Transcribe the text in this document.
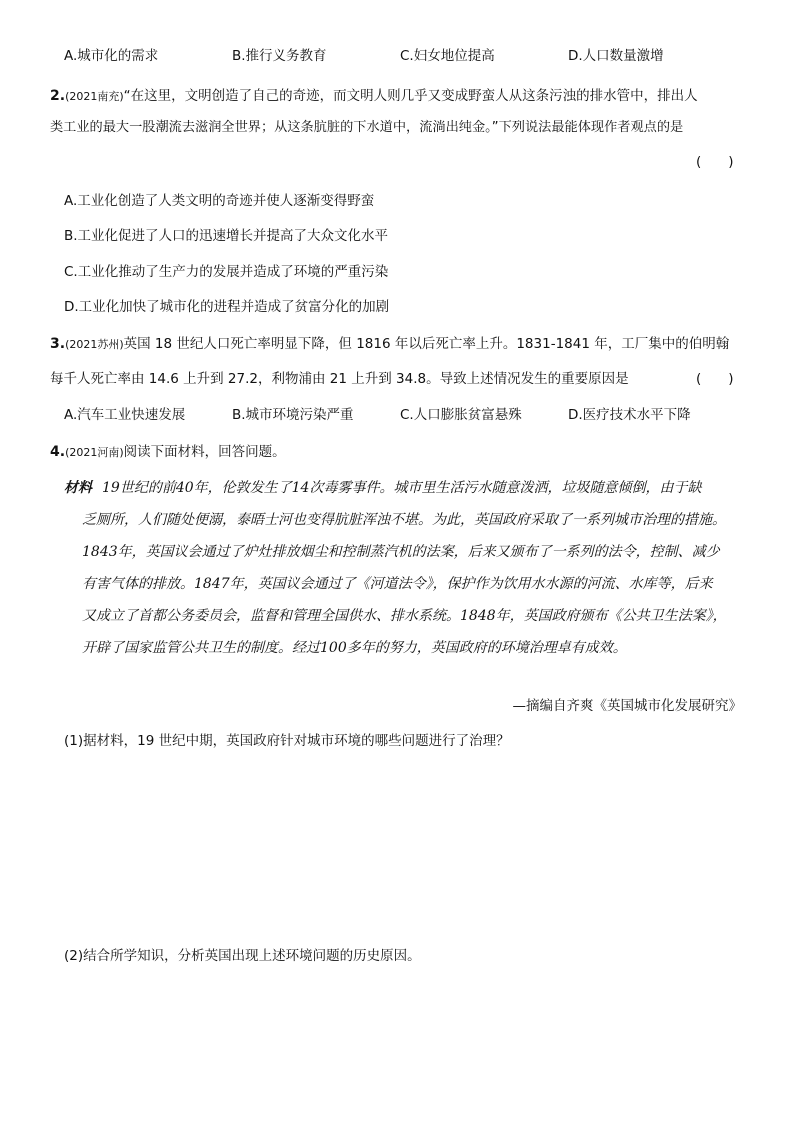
A.城市化的需求	B.推行义务教育	C.妇女地位提高	D.人口数量激增
2.(2021南充)“在这里，文明创造了自己的奇迹，而文明人则几乎又变成野蛮人从这条污浊的排水管中，排出人
类工业的最大一股潮流去滋润全世界；从这条肮脏的下水道中，流淌出纯金。”下列说法最能体现作者观点的是
(　　)
A.工业化创造了人类文明的奇迹并使人逐渐变得野蛮
B.工业化促进了人口的迅速增长并提高了大众文化水平
C.工业化推动了生产力的发展并造成了环境的严重污染
D.工业化加快了城市化的进程并造成了贫富分化的加剧
3.(2021苏州)英国 18 世纪人口死亡率明显下降，但 1816 年以后死亡率上升。1831-1841 年，工厂集中的伯明翰
每千人死亡率由 14.6 上升到 27.2，利物浦由 21 上升到 34.8。导致上述情况发生的重要原因是	(　　)
A.汽车工业快速发展	B.城市环境污染严重	C.人口膨胀贫富悬殊	D.医疗技术水平下降
4.(2021河南)阅读下面材料，回答问题。
材料 19世纪的前40年，伦敦发生了14次毒雾事件。城市里生活污水随意泼洒，垃圾随意倾倒，由于缺
乏厕所，人们随处便溺，泰晤士河也变得肮脏浑浊不堪。为此，英国政府采取了一系列城市治理的措施。
1843年，英国议会通过了炉灶排放烟尘和控制蒸汽机的法案，后来又颁布了一系列的法令，控制、减少
有害气体的排放。1847年，英国议会通过了《河道法令》，保护作为饮用水水源的河流、水库等，后来
又成立了首都公务委员会，监督和管理全国供水、排水系统。1848年，英国政府颁布《公共卫生法案》，
开辟了国家监管公共卫生的制度。经过100多年的努力，英国政府的环境治理卓有成效。
—摘编自齐爽《英国城市化发展研究》
(1)据材料，19 世纪中期，英国政府针对城市环境的哪些问题进行了治理？
(2)结合所学知识，分析英国出现上述环境问题的历史原因。
